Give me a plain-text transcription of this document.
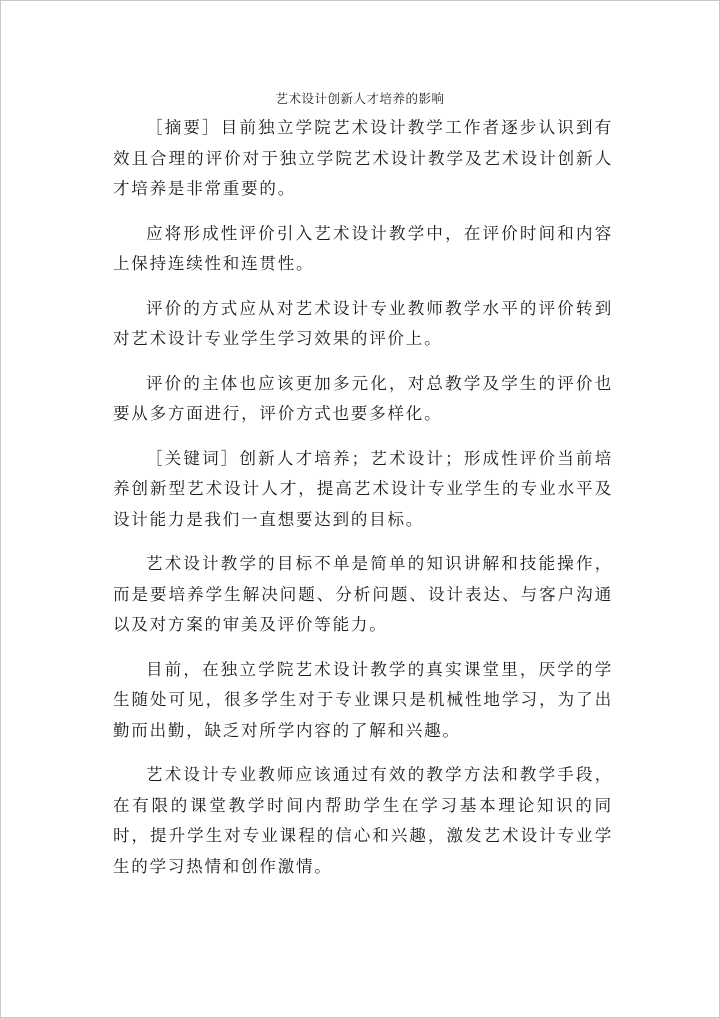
艺术设计创新人才培养的影响

［摘要］目前独立学院艺术设计教学工作者逐步认识到有效且合理的评价对于独立学院艺术设计教学及艺术设计创新人才培养是非常重要的。

应将形成性评价引入艺术设计教学中，在评价时间和内容上保持连续性和连贯性。

评价的方式应从对艺术设计专业教师教学水平的评价转到对艺术设计专业学生学习效果的评价上。

评价的主体也应该更加多元化，对总教学及学生的评价也要从多方面进行，评价方式也要多样化。

［关键词］创新人才培养；艺术设计；形成性评价当前培养创新型艺术设计人才，提高艺术设计专业学生的专业水平及设计能力是我们一直想要达到的目标。

艺术设计教学的目标不单是简单的知识讲解和技能操作，而是要培养学生解决问题、分析问题、设计表达、与客户沟通以及对方案的审美及评价等能力。

目前，在独立学院艺术设计教学的真实课堂里，厌学的学生随处可见，很多学生对于专业课只是机械性地学习，为了出勤而出勤，缺乏对所学内容的了解和兴趣。

艺术设计专业教师应该通过有效的教学方法和教学手段，在有限的课堂教学时间内帮助学生在学习基本理论知识的同时，提升学生对专业课程的信心和兴趣，激发艺术设计专业学生的学习热情和创作激情。
